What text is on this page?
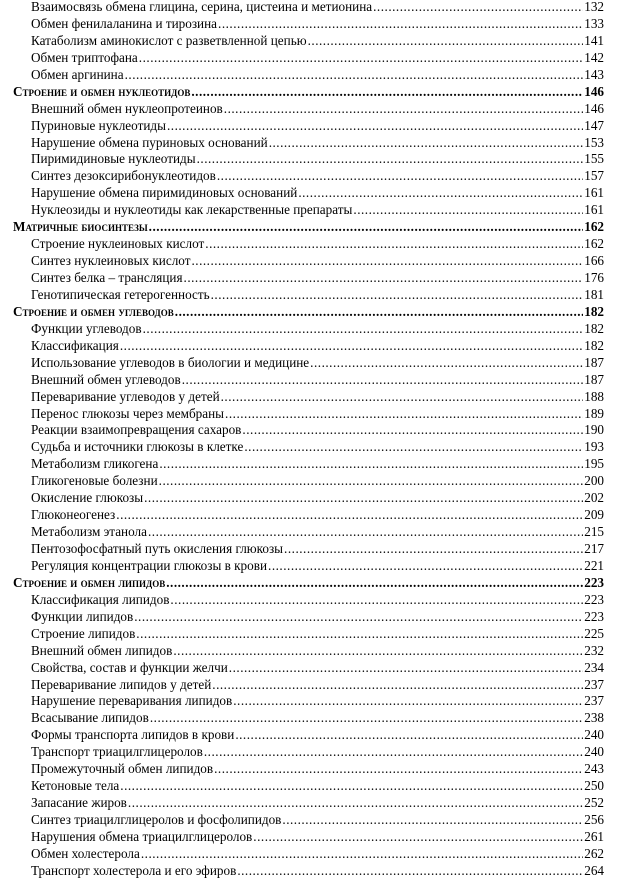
Взаимосвязь обмена глицина, серина, цистеина и метионина .....	132
Обмен фенилаланина и тирозина .....	133
Катаболизм аминокислот с разветвленной цепью .....	141
Обмен триптофана .....	142
Обмен аргинина .....	143
Строение и обмен нуклеотидов .....	146
Внешний обмен нуклеопротеинов .....	146
Пуриновые нуклеотиды .....	147
Нарушение обмена пуриновых оснований .....	153
Пиримидиновые нуклеотиды .....	155
Синтез дезоксирибонуклеотидов .....	157
Нарушение обмена пиримидиновых оснований .....	161
Нуклеозиды и нуклеотиды как лекарственные препараты .....	161
Матричные биосинтезы .....	162
Строение нуклеиновых кислот .....	162
Синтез нуклеиновых кислот .....	166
Синтез белка – трансляция .....	176
Генотипическая гетерогенность .....	181
Строение и обмен углеводов .....	182
Функции углеводов .....	182
Классификация .....	182
Использование углеводов в биологии и медицине .....	187
Внешний обмен углеводов .....	187
Переваривание углеводов у детей .....	188
Перенос глюкозы через мембраны .....	189
Реакции взаимопревращения сахаров .....	190
Судьба и источники глюкозы в клетке .....	193
Метаболизм гликогена .....	195
Гликогеновые болезни .....	200
Окисление глюкозы .....	202
Глюконеогенез .....	209
Метаболизм этанола .....	215
Пентозофосфатный путь окисления глюкозы .....	217
Регуляция концентрации глюкозы в крови .....	221
Строение и обмен липидов .....	223
Классификация липидов .....	223
Функции липидов .....	223
Строение липидов .....	225
Внешний обмен липидов .....	232
Свойства, состав и функции желчи .....	234
Переваривание липидов у детей .....	237
Нарушение переваривания липидов .....	237
Всасывание липидов .....	238
Формы транспорта липидов в крови .....	240
Транспорт триацилглицеролов .....	240
Промежуточный обмен липидов .....	243
Кетоновые тела .....	250
Запасание жиров .....	252
Синтез триацилглицеролов и фосфолипидов .....	256
Нарушения обмена триацилглицеролов .....	261
Обмен холестерола .....	262
Транспорт холестерола и его эфиров .....	264
